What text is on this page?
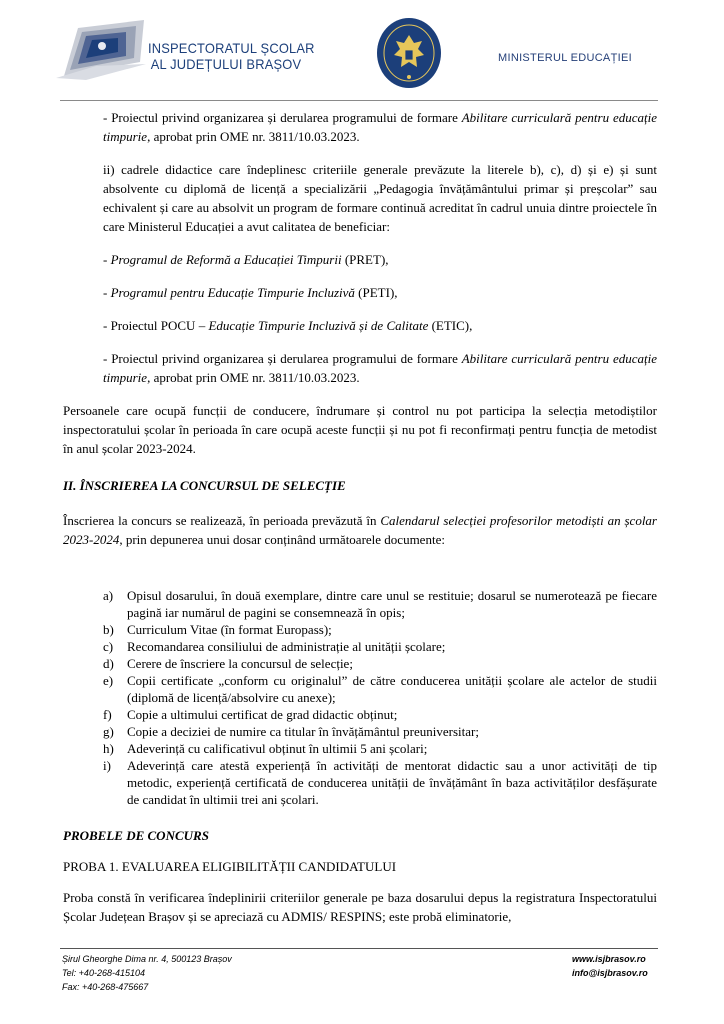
INSPECTORATUL ȘCOLAR
AL JUDEȚULUI BRAȘOV	MINISTERUL EDUCAȚIEI

- Proiectul privind organizarea și derularea programului de formare Abilitare curriculară pentru educație timpurie, aprobat prin OME nr. 3811/10.03.2023.

ii) cadrele didactice care îndeplinesc criteriile generale prevăzute la literele b), c), d) și e) și sunt absolvente cu diplomă de licență a specializării „Pedagogia învățământului primar și preșcolar” sau echivalent și care au absolvit un program de formare continuă acreditat în cadrul unuia dintre proiectele în care Ministerul Educației a avut calitatea de beneficiar:

- Programul de Reformă a Educației Timpurii (PRET),

- Programul pentru Educație Timpurie Incluzivă (PETI),

- Proiectul POCU – Educație Timpurie Incluzivă și de Calitate (ETIC),

- Proiectul privind organizarea și derularea programului de formare Abilitare curriculară pentru educație timpurie, aprobat prin OME nr. 3811/10.03.2023.

Persoanele care ocupă funcții de conducere, îndrumare și control nu pot participa la selecția metodiștilor inspectoratului școlar în perioada în care ocupă aceste funcții și nu pot fi reconfirmați pentru funcția de metodist în anul școlar 2023-2024.

II. ÎNSCRIEREA LA CONCURSUL DE SELECȚIE

Înscrierea la concurs se realizează, în perioada prevăzută în Calendarul selecției profesorilor metodiști an școlar 2023-2024, prin depunerea unui dosar conținând următoarele documente:

a) Opisul dosarului, în două exemplare, dintre care unul se restituie; dosarul se numerotează pe fiecare pagină iar numărul de pagini se consemnează în opis;
b) Curriculum Vitae (în format Europass);
c) Recomandarea consiliului de administrație al unității școlare;
d) Cerere de înscriere la concursul de selecție;
e) Copii certificate „conform cu originalul” de către conducerea unității școlare ale actelor de studii (diplomă de licență/absolvire cu anexe);
f) Copie a ultimului certificat de grad didactic obținut;
g) Copie a deciziei de numire ca titular în învățământul preuniversitar;
h) Adeverință cu calificativul obținut în ultimii 5 ani școlari;
i) Adeverință care atestă experiență în activități de mentorat didactic sau a unor activități de tip metodic, experiență certificată de conducerea unității de învățământ în baza activităților desfășurate de candidat în ultimii trei ani școlari.

PROBELE DE CONCURS

PROBA 1. EVALUAREA ELIGIBILITĂȚII CANDIDATULUI

Proba constă în verificarea îndeplinirii criteriilor generale pe baza dosarului depus la registratura Inspectoratului Școlar Județean Brașov și se apreciază cu ADMIS/ RESPINS; este probă eliminatorie,

Șirul Gheorghe Dima nr. 4, 500123 Brașov
Tel: +40-268-415104
Fax: +40-268-475667
www.isjbrasov.ro
info@isjbrasov.ro
